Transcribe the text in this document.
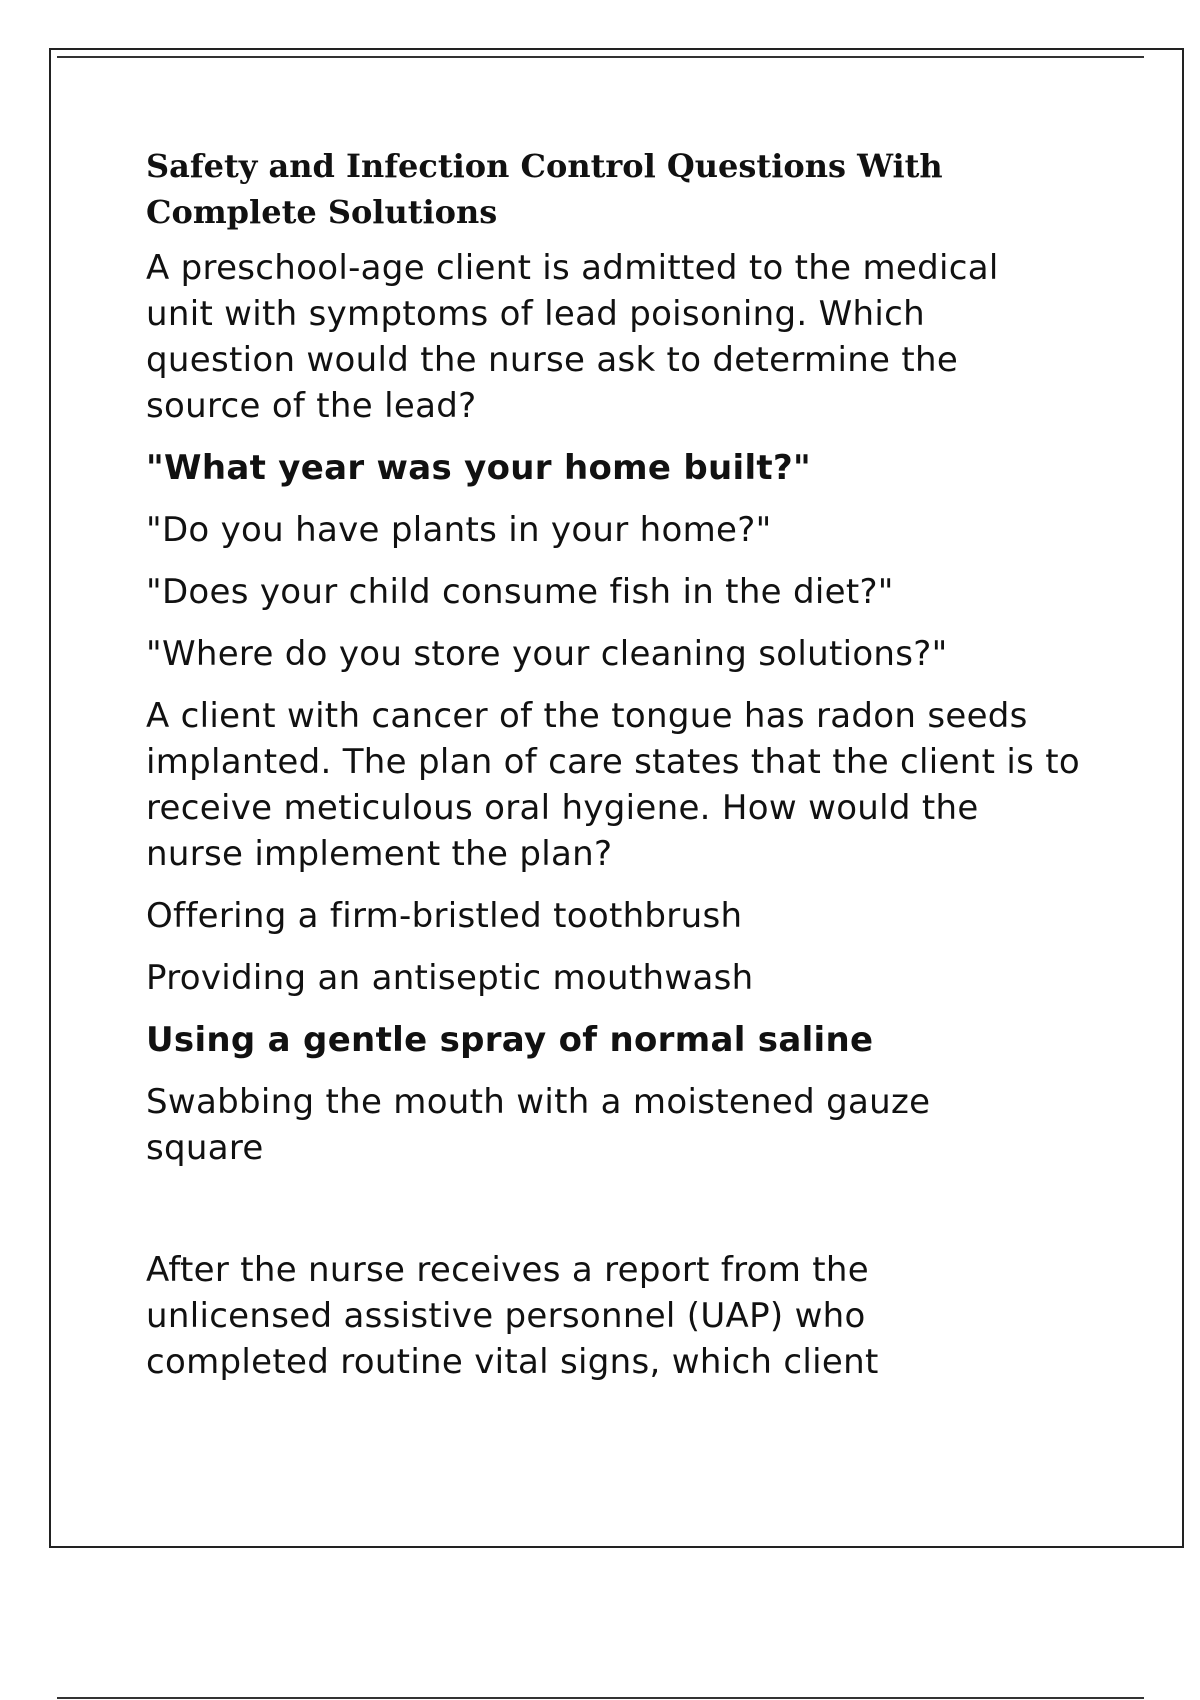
Safety and Infection Control Questions With Complete Solutions
A preschool-age client is admitted to the medical unit with symptoms of lead poisoning. Which question would the nurse ask to determine the source of the lead?
"What year was your home built?"
"Do you have plants in your home?"
"Does your child consume fish in the diet?"
"Where do you store your cleaning solutions?"
A client with cancer of the tongue has radon seeds implanted. The plan of care states that the client is to receive meticulous oral hygiene. How would the nurse implement the plan?
Offering a firm-bristled toothbrush
Providing an antiseptic mouthwash
Using a gentle spray of normal saline
Swabbing the mouth with a moistened gauze square
After the nurse receives a report from the unlicensed assistive personnel (UAP) who completed routine vital signs, which client
